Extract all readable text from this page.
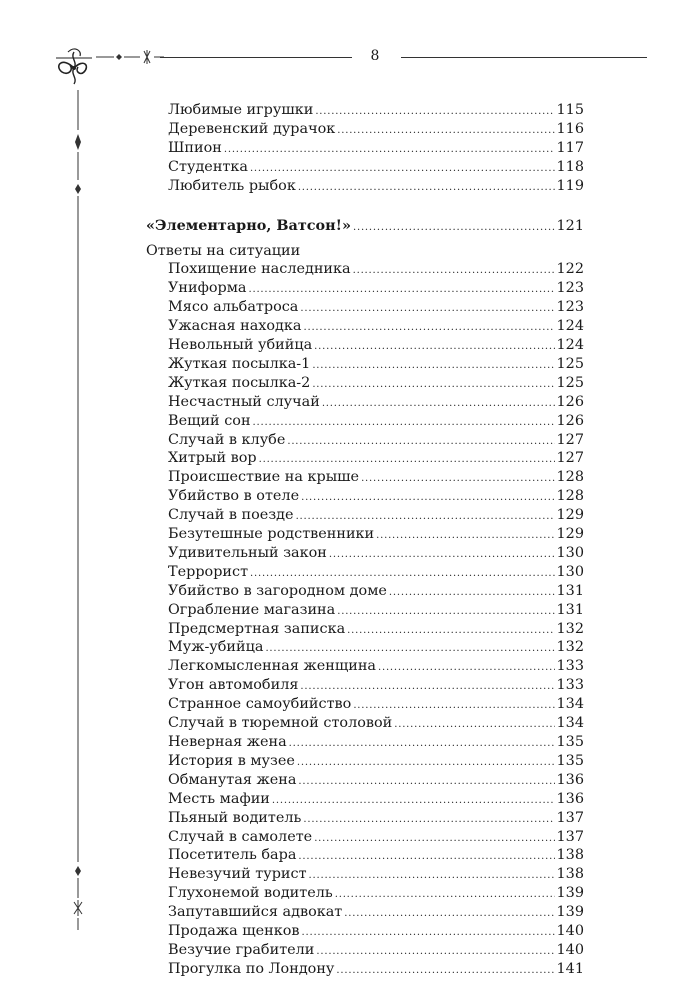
8
Любимые игрушки .....	115
Деревенский дурачок .....	116
Шпион .....	117
Студентка .....	118
Любитель рыбок .....	119
«Элементарно, Ватсон!» .....	121
Ответы на ситуации
Похищение наследника .....	122
Униформа .....	123
Мясо альбатроса .....	123
Ужасная находка .....	124
Невольный убийца .....	124
Жуткая посылка-1 .....	125
Жуткая посылка-2 .....	125
Несчастный случай .....	126
Вещий сон .....	126
Случай в клубе .....	127
Хитрый вор .....	127
Происшествие на крыше .....	128
Убийство в отеле .....	128
Случай в поезде .....	129
Безутешные родственники .....	129
Удивительный закон .....	130
Террорист .....	130
Убийство в загородном доме .....	131
Ограбление магазина .....	131
Предсмертная записка .....	132
Муж-убийца .....	132
Легкомысленная женщина .....	133
Угон автомобиля .....	133
Странное самоубийство .....	134
Случай в тюремной столовой .....	134
Неверная жена .....	135
История в музее .....	135
Обманутая жена .....	136
Месть мафии .....	136
Пьяный водитель .....	137
Случай в самолете .....	137
Посетитель бара .....	138
Невезучий турист .....	138
Глухонемой водитель .....	139
Запутавшийся адвокат .....	139
Продажа щенков .....	140
Везучие грабители .....	140
Прогулка по Лондону .....	141
